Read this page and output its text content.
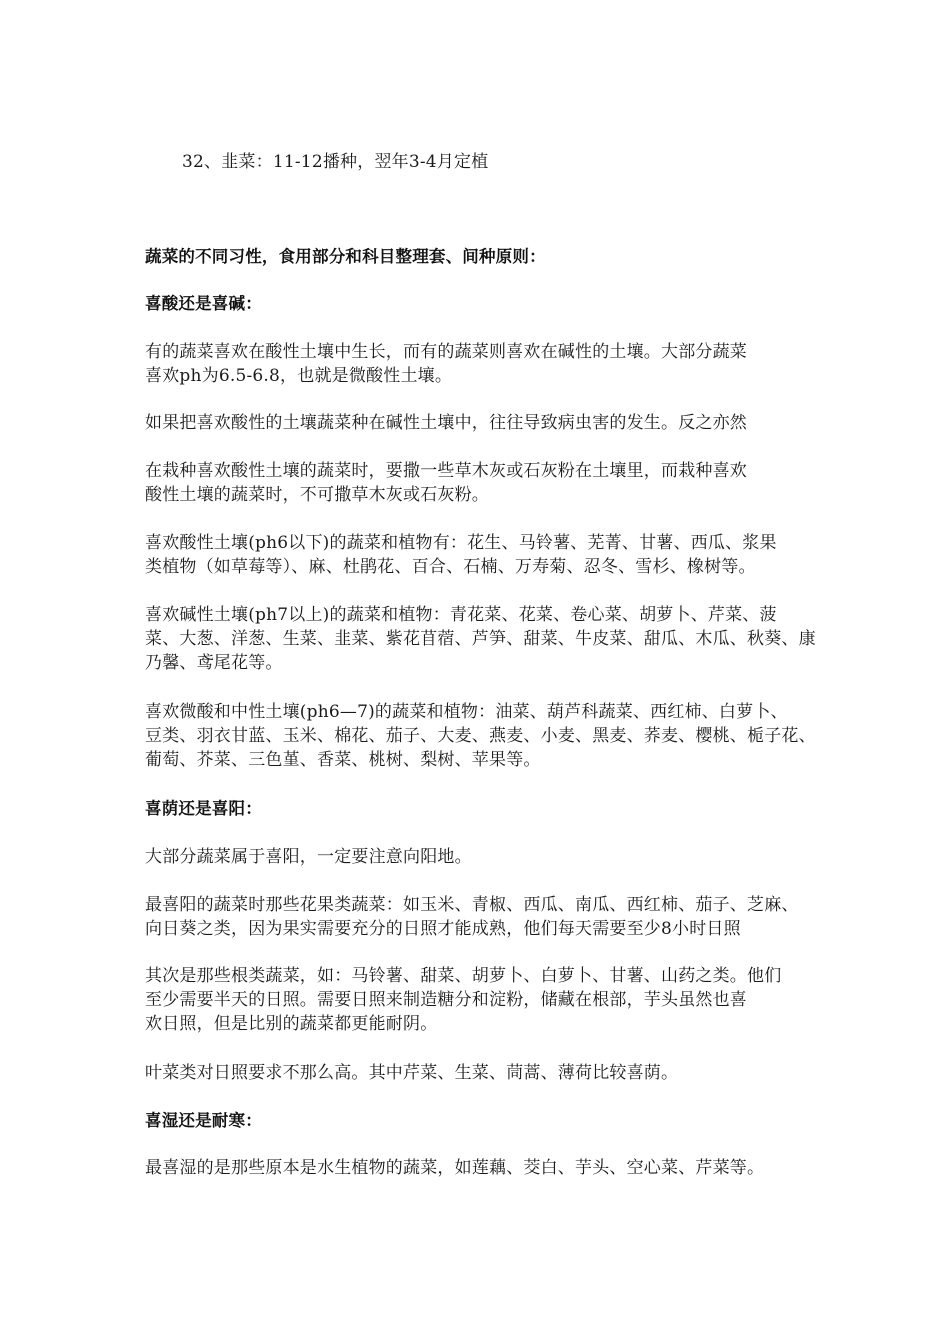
32、韭菜：11-12播种，翌年3-4月定植
蔬菜的不同习性，食用部分和科目整理套、间种原则：
喜酸还是喜碱：
有的蔬菜喜欢在酸性土壤中生长，而有的蔬菜则喜欢在碱性的土壤。大部分蔬菜
喜欢ph为6.5-6.8，也就是微酸性土壤。
如果把喜欢酸性的土壤蔬菜种在碱性土壤中，往往导致病虫害的发生。反之亦然
在栽种喜欢酸性土壤的蔬菜时，要撒一些草木灰或石灰粉在土壤里，而栽种喜欢
酸性土壤的蔬菜时，不可撒草木灰或石灰粉。
喜欢酸性土壤(ph6以下)的蔬菜和植物有：花生、马铃薯、芜菁、甘薯、西瓜、浆果
类植物（如草莓等）、麻、杜鹃花、百合、石楠、万寿菊、忍冬、雪杉、橡树等。
喜欢碱性土壤(ph7以上)的蔬菜和植物：青花菜、花菜、卷心菜、胡萝卜、芹菜、菠
菜、大葱、洋葱、生菜、韭菜、紫花苜蓿、芦笋、甜菜、牛皮菜、甜瓜、木瓜、秋葵、康
乃馨、鸢尾花等。
喜欢微酸和中性土壤(ph6—7)的蔬菜和植物：油菜、葫芦科蔬菜、西红柿、白萝卜、
豆类、羽衣甘蓝、玉米、棉花、茄子、大麦、燕麦、小麦、黑麦、荞麦、樱桃、栀子花、
葡萄、芥菜、三色堇、香菜、桃树、梨树、苹果等。
喜荫还是喜阳：
大部分蔬菜属于喜阳，一定要注意向阳地。
最喜阳的蔬菜时那些花果类蔬菜：如玉米、青椒、西瓜、南瓜、西红柿、茄子、芝麻、
向日葵之类，因为果实需要充分的日照才能成熟，他们每天需要至少8小时日照
其次是那些根类蔬菜，如：马铃薯、甜菜、胡萝卜、白萝卜、甘薯、山药之类。他们
至少需要半天的日照。需要日照来制造糖分和淀粉，储藏在根部，芋头虽然也喜
欢日照，但是比别的蔬菜都更能耐阴。
叶菜类对日照要求不那么高。其中芹菜、生菜、茼蒿、薄荷比较喜荫。
喜湿还是耐寒：
最喜湿的是那些原本是水生植物的蔬菜，如莲藕、茭白、芋头、空心菜、芹菜等。
